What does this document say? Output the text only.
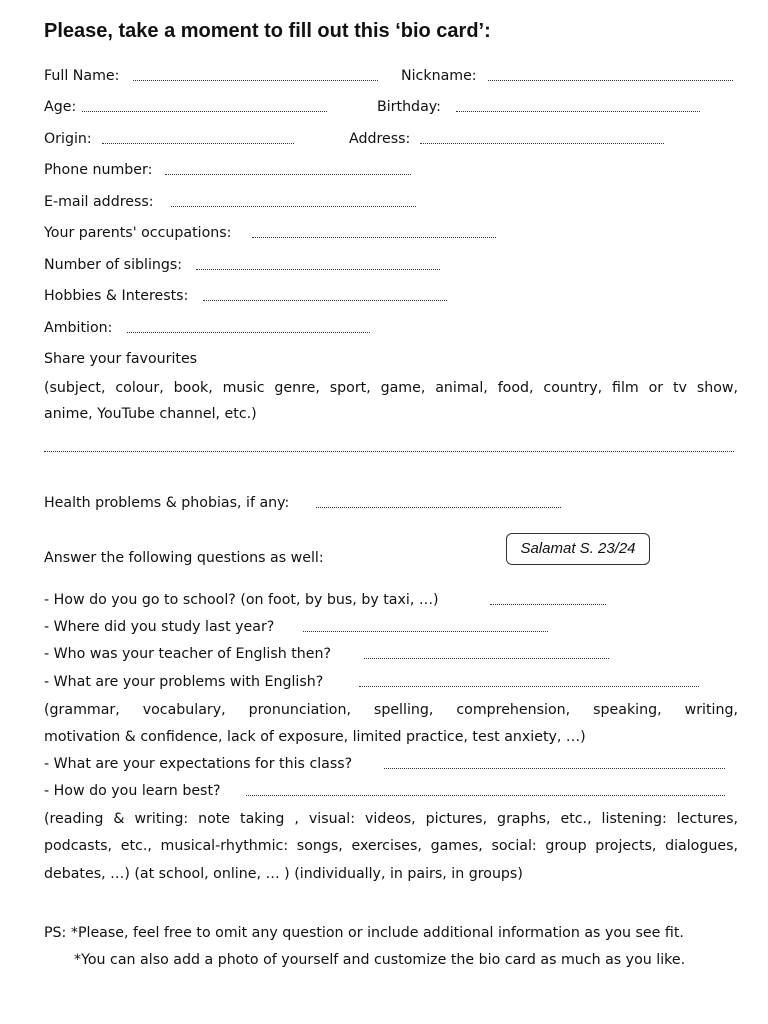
Please, take a moment to fill out this ‘bio card’:
Full Name:	Nickname:
Age:	Birthday:
Origin:	Address:
Phone number:
E-mail address:
Your parents' occupations:
Number of siblings:
Hobbies & Interests:
Ambition:
Share your favourites
(subject, colour, book, music genre, sport, game, animal, food, country, film or tv show,
anime, YouTube channel, etc.)
Health problems & phobias, if any:
Answer the following questions as well:
Salamat S. 23/24
- How do you go to school? (on foot, by bus, by taxi, …)
- Where did you study last year?
- Who was your teacher of English then?
- What are your problems with English?
(grammar, vocabulary, pronunciation, spelling, comprehension, speaking, writing,
motivation & confidence, lack of exposure, limited practice, test anxiety, …)
- What are your expectations for this class?
- How do you learn best?
(reading & writing: note taking , visual: videos, pictures, graphs, etc., listening: lectures,
podcasts, etc., musical-rhythmic: songs, exercises, games, social: group projects, dialogues,
debates, …) (at school, online, … ) (individually, in pairs, in groups)
PS: *Please, feel free to omit any question or include additional information as you see fit.
*You can also add a photo of yourself and customize the bio card as much as you like.
